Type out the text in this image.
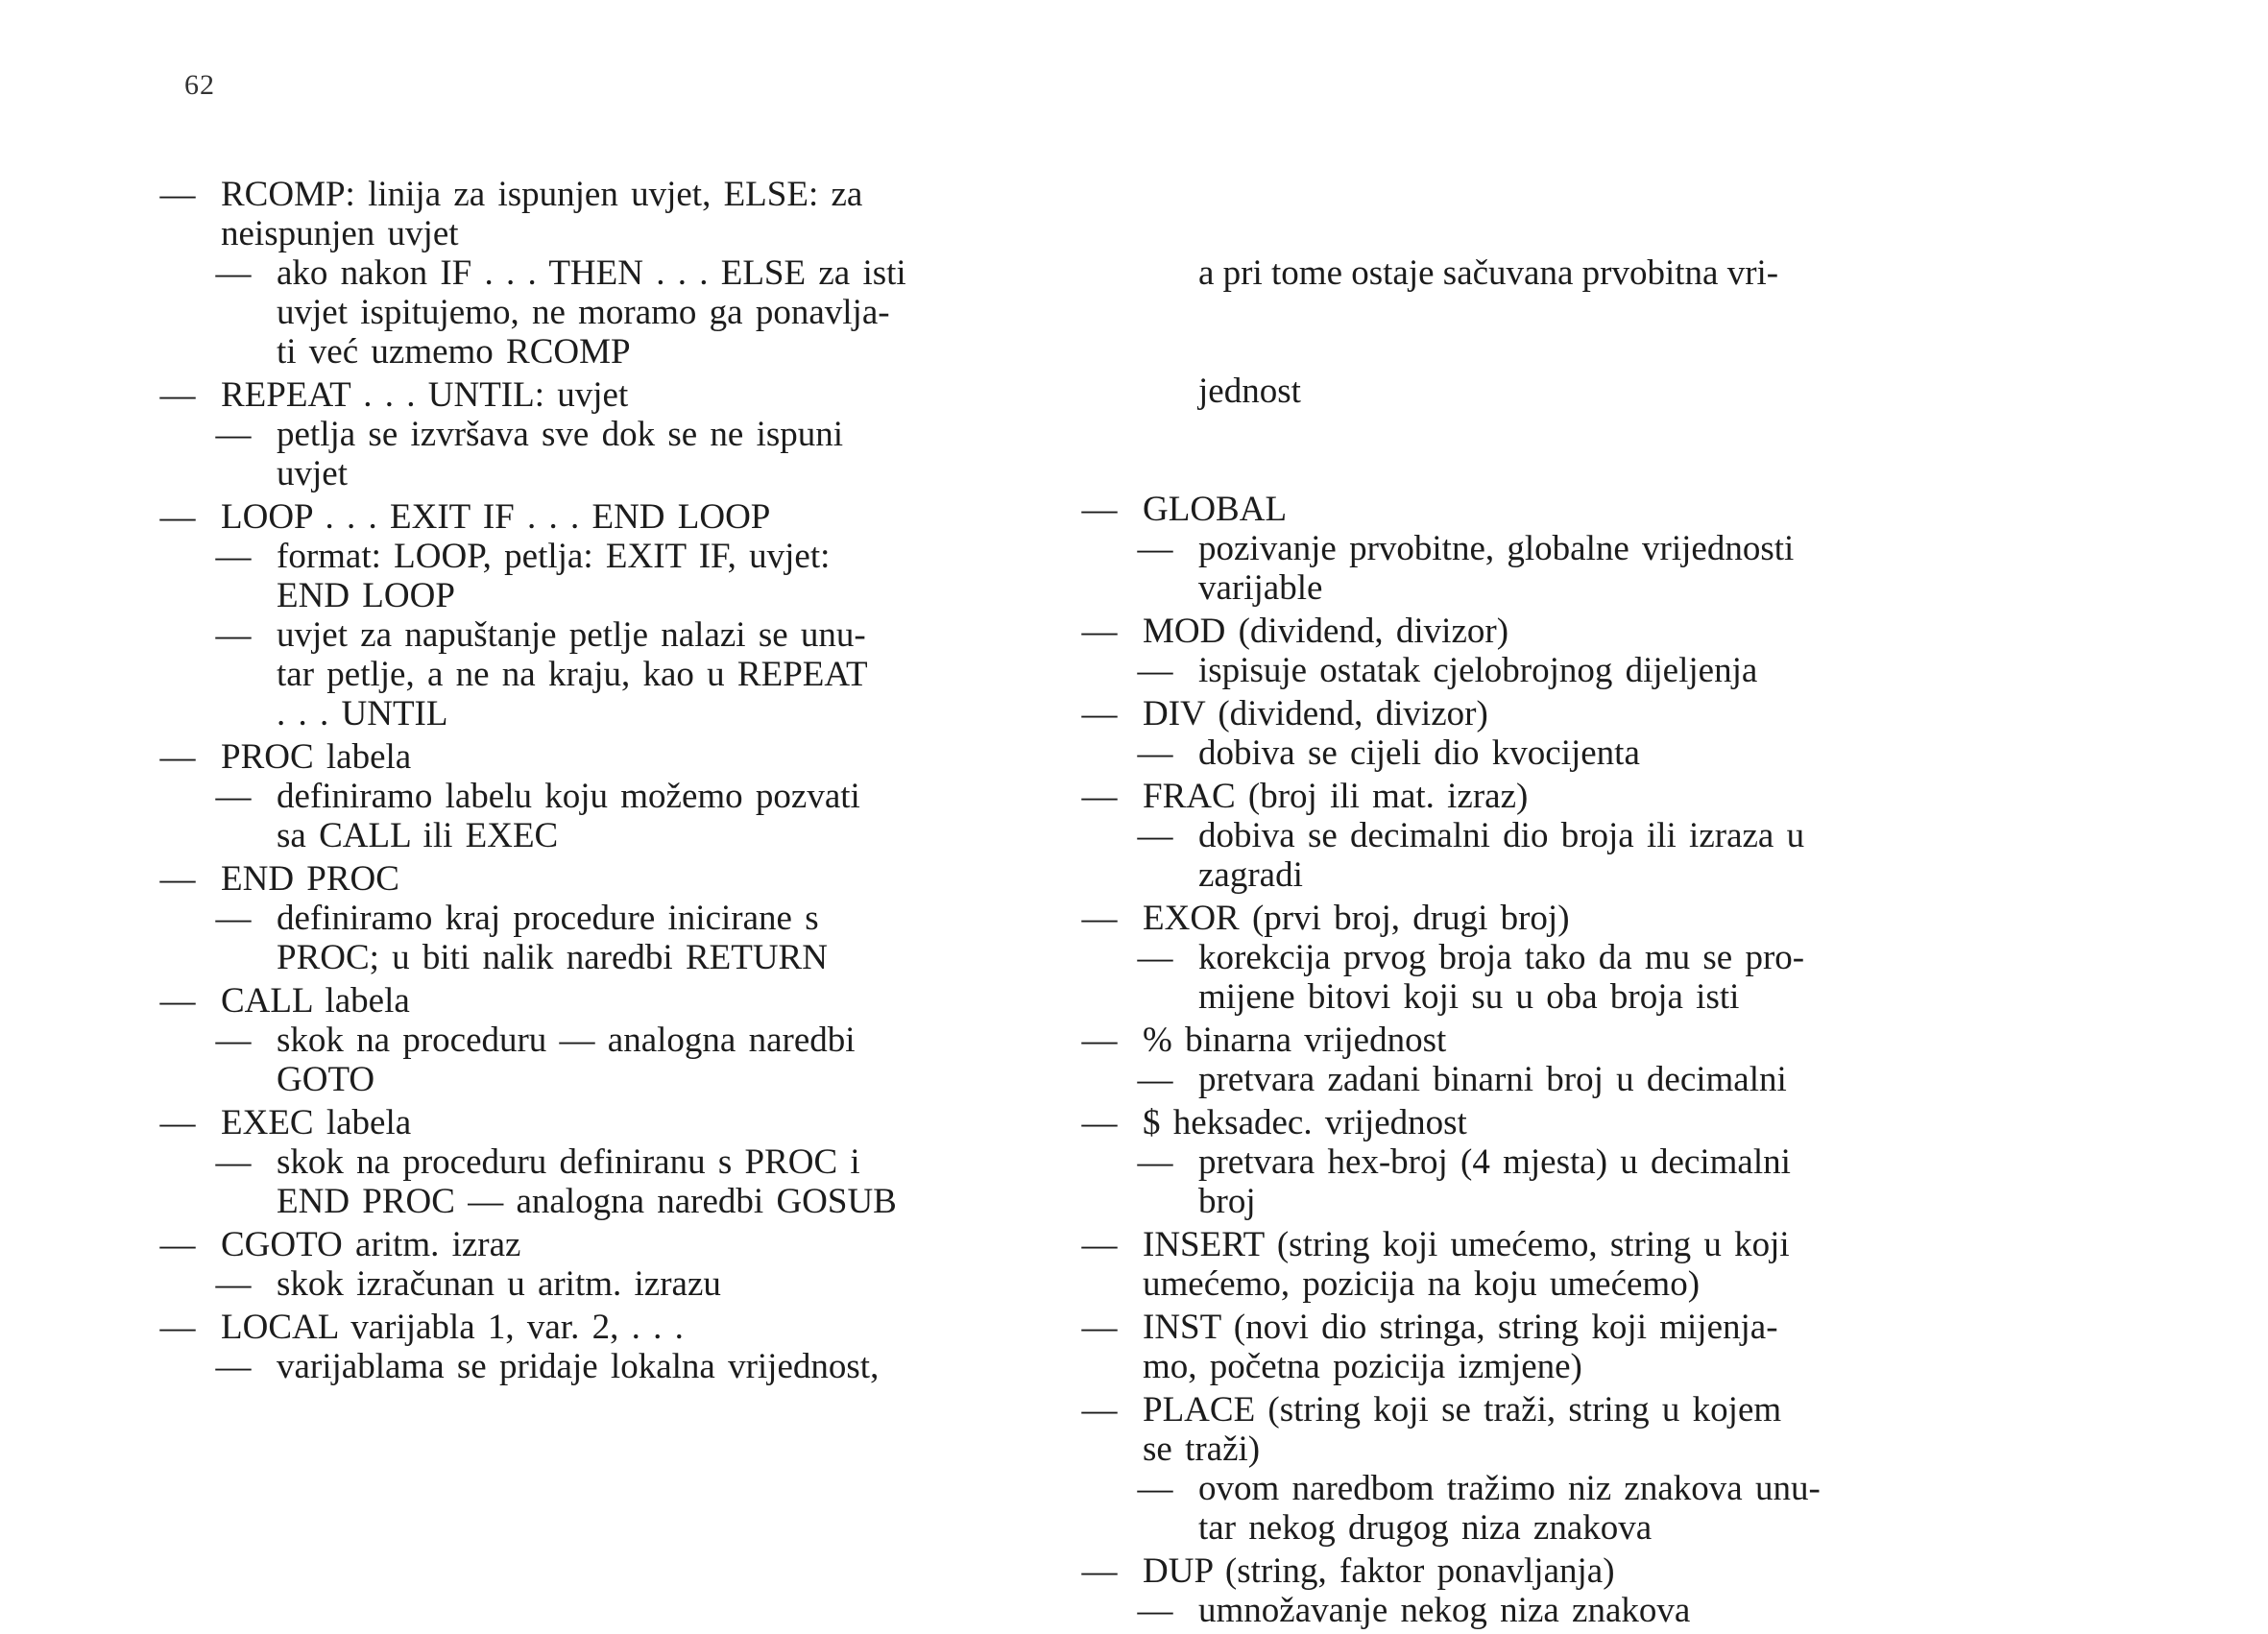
62
— RCOMP: linija za ispunjen uvjet, ELSE: za
neispunjen uvjet
— ako nakon IF . . . THEN . . . ELSE za isti
uvjet ispitujemo, ne moramo ga ponavlja-
ti već uzmemo RCOMP
— REPEAT . . . UNTIL: uvjet
— petlja se izvršava sve dok se ne ispuni
uvjet
— LOOP . . . EXIT IF . . . END LOOP
— format: LOOP, petlja: EXIT IF, uvjet:
END LOOP
— uvjet za napuštanje petlje nalazi se unu-
tar petlje, a ne na kraju, kao u REPEAT
. . . UNTIL
— PROC labela
— definiramo labelu koju možemo pozvati
sa CALL ili EXEC
— END PROC
— definiramo kraj procedure inicirane s
PROC; u biti nalik naredbi RETURN
— CALL labela
— skok na proceduru — analogna naredbi
GOTO
— EXEC labela
— skok na proceduru definiranu s PROC i
END PROC — analogna naredbi GOSUB
— CGOTO aritm. izraz
— skok izračunan u aritm. izrazu
— LOCAL varijabla 1, var. 2, . . .
— varijablama se pridaje lokalna vrijednost,

a pri tome ostaje sačuvana prvobitna vri-

jednost

— GLOBAL
— pozivanje prvobitne, globalne vrijednosti
varijable
— MOD (dividend, divizor)
— ispisuje ostatak cjelobrojnog dijeljenja
— DIV (dividend, divizor)
— dobiva se cijeli dio kvocijenta
— FRAC (broj ili mat. izraz)
— dobiva se decimalni dio broja ili izraza u
zagradi
— EXOR (prvi broj, drugi broj)
— korekcija prvog broja tako da mu se pro-
mijene bitovi koji su u oba broja isti
— % binarna vrijednost
— pretvara zadani binarni broj u decimalni
— $ heksadec. vrijednost
— pretvara hex-broj (4 mjesta) u decimalni
broj
— INSERT (string koji umećemo, string u koji
umećemo, pozicija na koju umećemo)
— INST (novi dio stringa, string koji mijenja-
mo, početna pozicija izmjene)
— PLACE (string koji se traži, string u kojem
se traži)
— ovom naredbom tražimo niz znakova unu-
tar nekog drugog niza znakova
— DUP (string, faktor ponavljanja)
— umnožavanje nekog niza znakova
